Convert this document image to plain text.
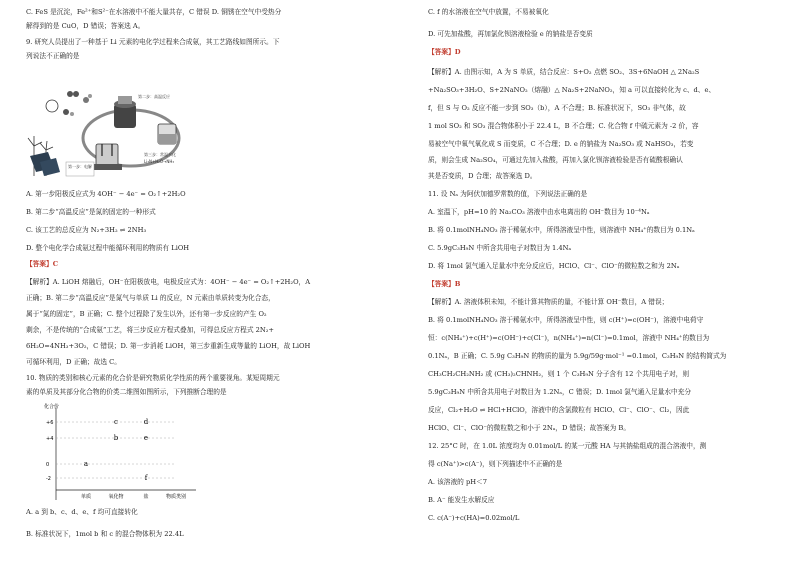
C. FeS 是沉淀，Fe²⁺和S²⁻在水溶液中不能大量共存，C 错误 D. 铜锈在空气中受热分
解得到的是 CuO，D 错误；答案选 A。
9. 研究人员提出了一种基于 Li 元素的电化学过程来合成氨，其工艺路线如图所示。下
列说法不正确的是
第二步：高温反应
第三步：常温水化
第一步：电解
Li₃N+H₂O→NH₃
A. 第一步阳极反应式为 4OH⁻ − 4e⁻ = O₂↑+2H₂O
B. 第二步“高温反应”是氮的固定的一种形式
C. 该工艺的总反应为 N₂+3H₂ ⇌ 2NH₃
D. 整个电化学合成氨过程中能循环利用的物质有 LiOH
【答案】C
【解析】A. LiOH 熔融后，OH⁻在阳极放电，电极反应式为：4OH⁻ − 4e⁻ = O₂↑+2H₂O，A
正确；B. 第二步“高温反应”是氮气与单质 Li 的反应，N 元素由单质转变为化合态，
属于“氮的固定”，B 正确；C. 整个过程除了发生以外，还有第一步反应的产生 O₂
剩余，不是传统的“合成氨”工艺，将三步反应方程式叠加，可得总反应方程式 2N₂+
6H₂O=4NH₃+3O₂，C 错误；D. 第一步消耗 LiOH，第三步重新生成等量的 LiOH，故 LiOH
可循环利用，D 正确；故选 C。
10. 物质的类别和核心元素的化合价是研究物质化学性质的两个重要视角。某短周期元
素的单质及其部分化合物的价类二维图如图所示，下列推断合理的是
化合价
+6
+4
0
-2
c	d
e
b
a
f
单质	氧化物	盐	物质类别
A. a 到 b、c、d、e、f 均可直接转化
B. 标准状况下，1mol b 和 c 的混合物体积为 22.4L
C. f 的水溶液在空气中放置，不易被氧化
D. 可先加盐酸，再加氯化钡溶液检验 e 的钠盐是否变质
【答案】D
【解析】A. 由图示知，A 为 S 单质，结合反应：S+O₂ 点燃 SO₂、3S+6NaOH △ 2Na₂S
+Na₂SO₃+3H₂O、S+2NaNO₂（熔融）△ Na₂S+2NaNO₂，知 a 可以直接转化为 c、d、e、
f，但 S 与 O₂ 反应不能一步到 SO₃（b），A 不合理；B. 标准状况下，SO₃ 非气体，故
1 mol SO₂ 和 SO₃ 混合物体积小于 22.4 L，B 不合理；C. 化合物 f 中硫元素为 -2 价，容
易被空气中氧气氧化成 S 而变质，C 不合理；D. e 的钠盐为 Na₂SO₃ 或 NaHSO₃，若变
质，则会生成 Na₂SO₄，可通过先加入盐酸，再加入氯化钡溶液检验是否有硫酸根确认
其是否变质，D 合理；故答案选 D。
11. 设 Nₐ 为阿伏加德罗常数的值，下列说法正确的是
A. 室温下，pH=10 的 Na₂CO₃ 溶液中由水电离出的 OH⁻数目为 10⁻⁴Nₐ
B. 将 0.1molNH₄NO₃ 溶于稀氨水中，所得溶液呈中性，则溶液中 NH₄⁺的数目为 0.1Nₐ
C. 5.9gC₃H₉N 中所含共用电子对数目为 1.4Nₐ
D. 将 1mol 氯气通入足量水中充分反应后，HClO、Cl⁻、ClO⁻的微粒数之和为 2Nₐ
【答案】B
【解析】A. 溶液体积未知，不能计算其物质的量，不能计算 OH⁻数目，A 错误；
B. 将 0.1molNH₄NO₃ 溶于稀氨水中，所得溶液呈中性，则 c(H⁺)=c(OH⁻)，溶液中电荷守
恒：c(NH₄⁺)+c(H⁺)=c(OH⁻)+c(Cl⁻)，n(NH₄⁺)=n(Cl⁻)=0.1mol，溶液中 NH₄⁺的数目为
0.1Nₐ，B 正确；C. 5.9g C₃H₉N 的物质的量为 5.9g/59g·mol⁻¹ =0.1mol，C₃H₉N 的结构简式为
CH₃CH₂CH₂NH₂ 或 (CH₃)₂CHNH₂，则 1 个 C₃H₉N 分子含有 12 个共用电子对，则
5.9gC₃H₉N 中所含共用电子对数目为 1.2Nₐ，C 错误；D. 1mol 氯气通入足量水中充分
反应，Cl₂+H₂O ⇌ HCl+HClO，溶液中的含氯微粒有 HClO、Cl⁻、ClO⁻、Cl₂，因此
HClO、Cl⁻、ClO⁻的微粒数之和小于 2Nₐ，D 错误；故答案为 B。
12. 25°C 时，在 1.0L 浓度均为 0.01mol/L 的某一元酸 HA 与其钠盐组成的混合溶液中，测
得 c(Na⁺)>c(A⁻)，则下列描述中不正确的是
A. 该溶液的 pH＜7
B. A⁻ 能发生水解反应
C. c(A⁻)+c(HA)=0.02mol/L
